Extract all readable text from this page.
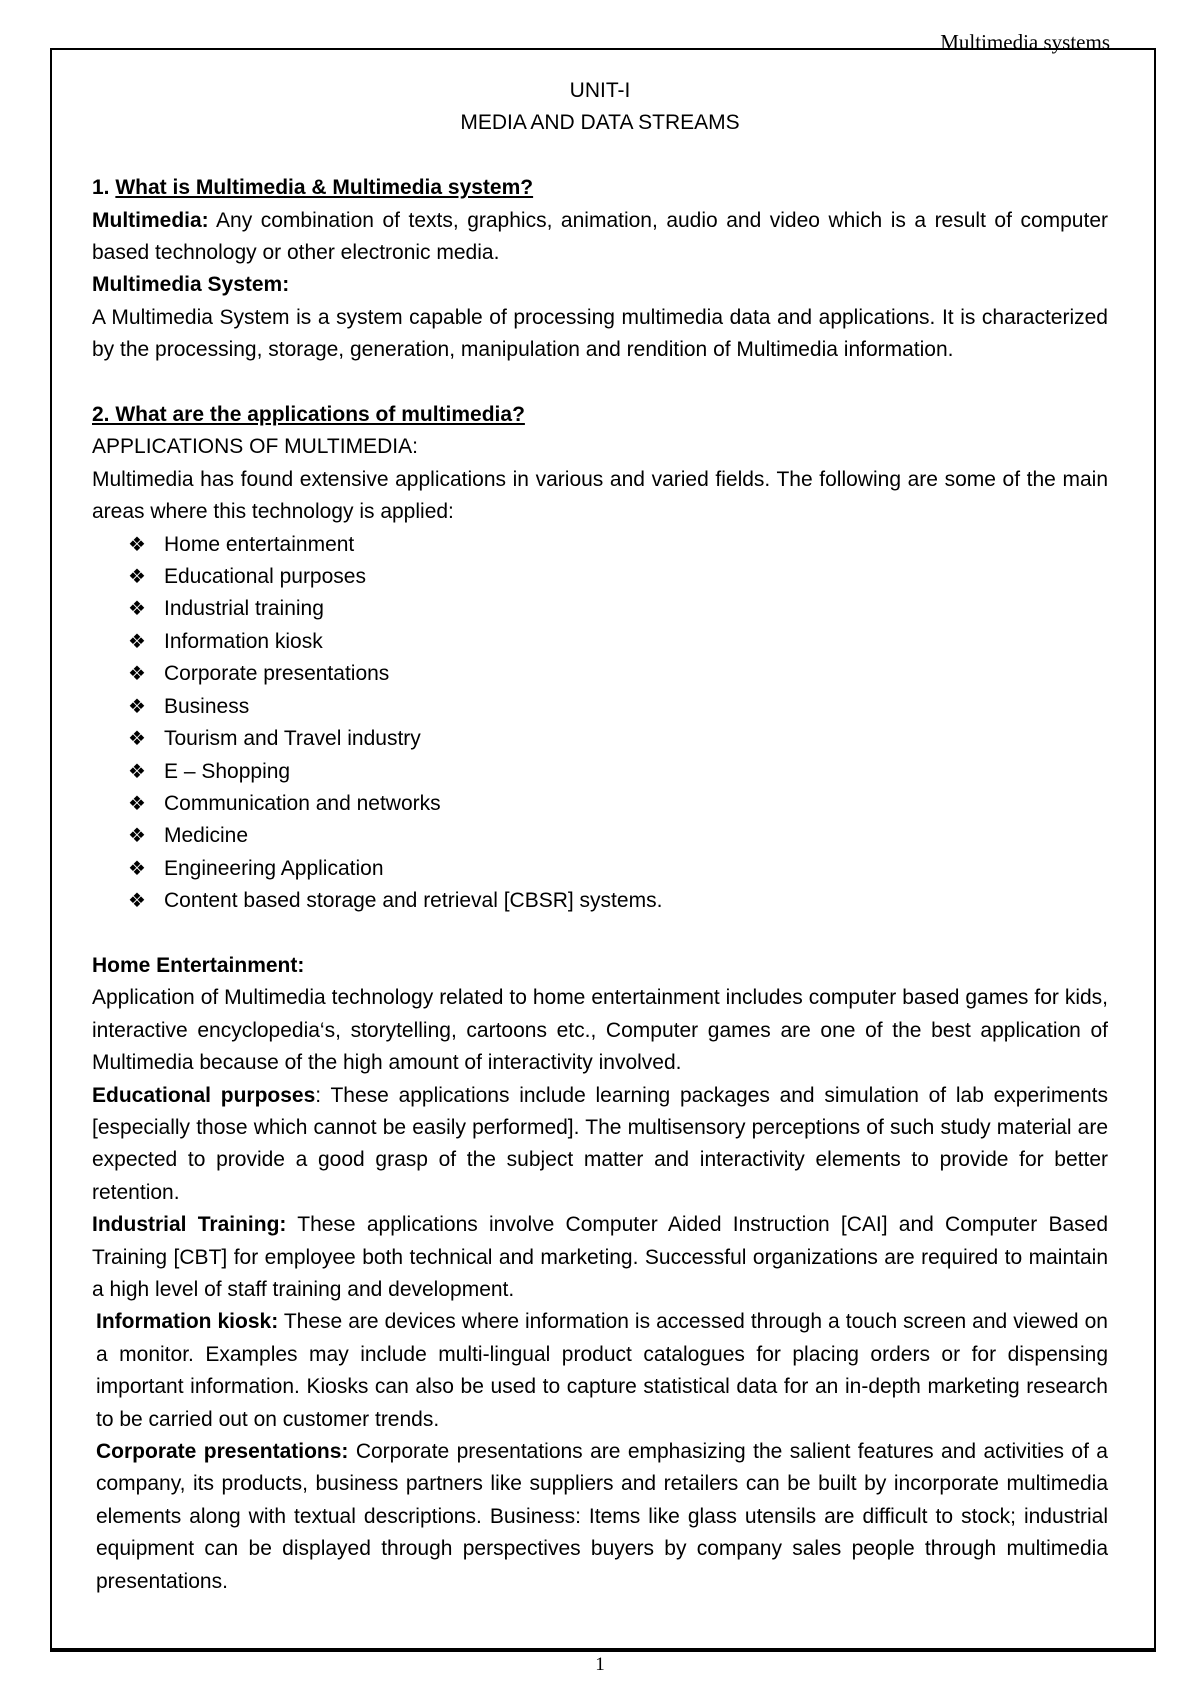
Multimedia systems
UNIT-I
MEDIA AND DATA STREAMS
1. What is Multimedia & Multimedia system?
Multimedia: Any combination of texts, graphics, animation, audio and video which is a result of computer based technology or other electronic media.
Multimedia System:
A Multimedia System is a system capable of processing multimedia data and applications. It is characterized by the processing, storage, generation, manipulation and rendition of Multimedia information.
2. What are the applications of multimedia?
APPLICATIONS OF MULTIMEDIA:
Multimedia has found extensive applications in various and varied fields. The following are some of the main areas where this technology is applied:
❖ Home entertainment
❖ Educational purposes
❖ Industrial training
❖ Information kiosk
❖ Corporate presentations
❖ Business
❖ Tourism and Travel industry
❖ E – Shopping
❖ Communication and networks
❖ Medicine
❖ Engineering Application
❖ Content based storage and retrieval [CBSR] systems.
Home Entertainment:
Application of Multimedia technology related to home entertainment includes computer based games for kids, interactive encyclopedia‘s, storytelling, cartoons etc., Computer games are one of the best application of Multimedia because of the high amount of interactivity involved.
Educational purposes: These applications include learning packages and simulation of lab experiments [especially those which cannot be easily performed]. The multisensory perceptions of such study material are expected to provide a good grasp of the subject matter and interactivity elements to provide for better retention.
Industrial Training: These applications involve Computer Aided Instruction [CAI] and Computer Based Training [CBT] for employee both technical and marketing. Successful organizations are required to maintain a high level of staff training and development.
Information kiosk: These are devices where information is accessed through a touch screen and viewed on a monitor. Examples may include multi-lingual product catalogues for placing orders or for dispensing important information. Kiosks can also be used to capture statistical data for an in-depth marketing research to be carried out on customer trends.
Corporate presentations: Corporate presentations are emphasizing the salient features and activities of a company, its products, business partners like suppliers and retailers can be built by incorporate multimedia elements along with textual descriptions. Business: Items like glass utensils are difficult to stock; industrial equipment can be displayed through perspectives buyers by company sales people through multimedia presentations.
1
